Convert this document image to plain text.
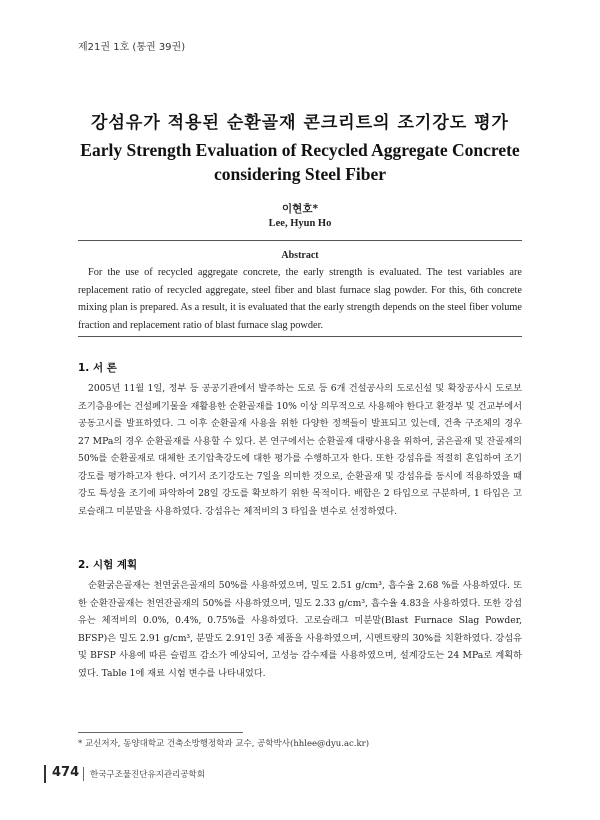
제21권 1호 (통권 39권)
강섬유가 적용된 순환골재 콘크리트의 조기강도 평가
Early Strength Evaluation of Recycled Aggregate Concrete considering Steel Fiber
이현호*
Lee, Hyun Ho
Abstract
For the use of recycled aggregate concrete, the early strength is evaluated. The test variables are replacement ratio of recycled aggregate, steel fiber and blast furnace slag powder. For this, 6th concrete mixing plan is prepared. As a result, it is evaluated that the early strength depends on the steel fiber volume fraction and replacement ratio of blast furnace slag powder.
1. 서 론
2005년 11월 1일, 정부 등 공공기관에서 발주하는 도로 등 6개 건설공사의 도로신설 및 확장공사시 도로보조기층용에는 건설폐기물을 재활용한 순환골재를 10% 이상 의무적으로 사용해야 한다고 환경부 및 건교부에서 공동고시를 발표하였다. 그 이후 순환골재 사용을 위한 다양한 정책들이 발표되고 있는데, 건축 구조체의 경우 27 MPa의 경우 순환골재를 사용할 수 있다. 본 연구에서는 순환골재 대량사용을 위하여, 굵은골재 및 잔골재의 50%를 순환골재로 대체한 조기압축강도에 대한 평가를 수행하고자 한다. 또한 강섬유를 적절히 혼입하여 조기강도를 평가하고자 한다. 여기서 조기강도는 7일을 의미한 것으로, 순환골재 및 강섬유를 동시에 적용하였을 때 강도 특성을 조기에 파악하여 28일 강도를 확보하기 위한 목적이다. 배합은 2 타입으로 구분하며, 1 타입은 고로슬래그 미분말을 사용하였다. 강섬유는 체적비의 3 타입을 변수로 선정하였다.
2. 시험 계획
순환굵은골재는 천연굵은골재의 50%를 사용하였으며, 밀도 2.51 g/cm³, 흡수율 2.68 %를 사용하였다. 또한 순환잔골재는 천연잔골재의 50%를 사용하였으며, 밀도 2.33 g/cm³, 흡수율 4.83을 사용하였다. 또한 강섬유는 체적비의 0.0%, 0.4%, 0.75%를 사용하였다. 고로슬래그 미분말(Blast Furnace Slag Powder, BFSP)은 밀도 2.91 g/cm³, 분말도 2.91인 3종 제품을 사용하였으며, 시멘트량의 30%를 치환하였다. 강섬유 및 BFSP 사용에 따른 슬럼프 감소가 예상되어, 고성능 감수제를 사용하였으며, 설계강도는 24 MPa로 계획하였다. Table 1에 재료 시험 변수를 나타내었다.
* 교신저자, 동양대학교 건축소방행정학과 교수, 공학박사(hhlee@dyu.ac.kr)
474 한국구조물진단유지관리공학회
